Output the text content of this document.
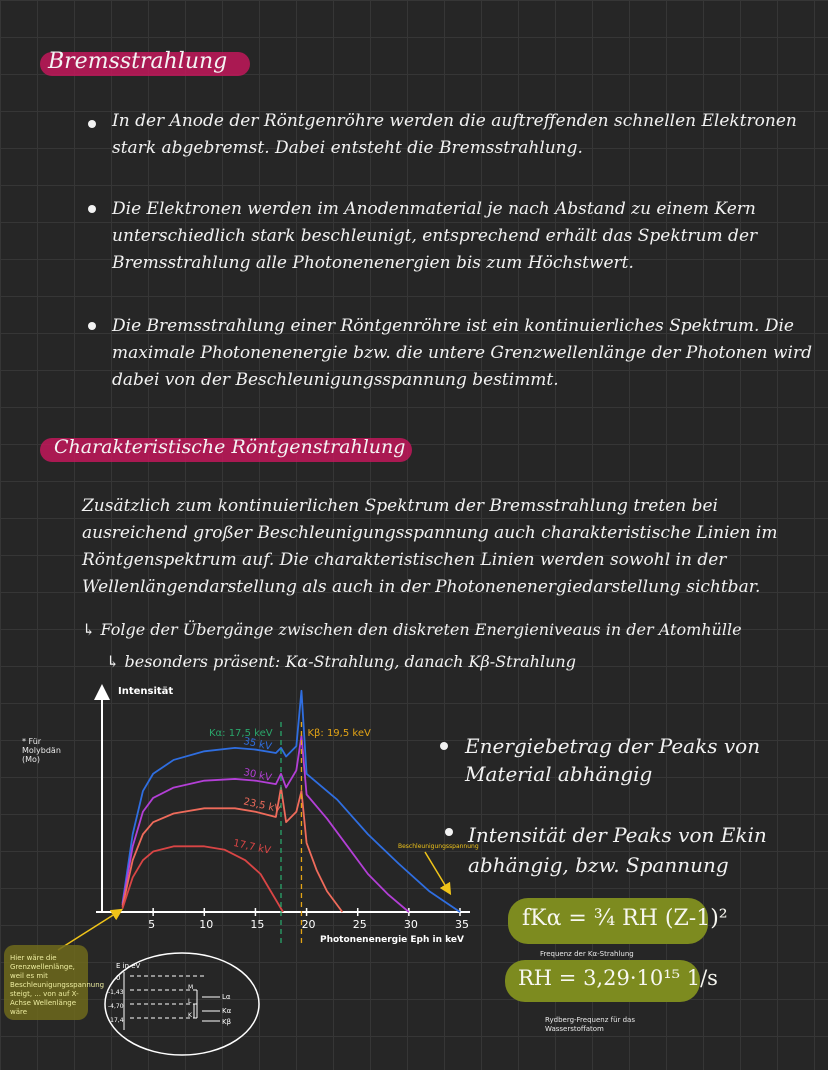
Bremsstrahlung
In der Anode der Röntgenröhre werden die auftreffenden schnellen Elektronen stark abgebremst. Dabei entsteht die Bremsstrahlung.
Die Elektronen werden im Anodenmaterial je nach Abstand zu einem Kern unterschiedlich stark beschleunigt, entsprechend erhält das Spektrum der Bremsstrahlung alle Photonenenergien bis zum Höchstwert.
Die Bremsstrahlung einer Röntgenröhre ist ein kontinuierliches Spektrum. Die maximale Photonenenergie bzw. die untere Grenzwellenlänge der Photonen wird dabei von der Beschleunigungsspannung bestimmt.
Charakteristische Röntgenstrahlung
Zusätzlich zum kontinuierlichen Spektrum der Bremsstrahlung treten bei ausreichend großer Beschleunigungsspannung auch charakteristische Linien im Röntgenspektrum auf. Die charakteristischen Linien werden sowohl in der Wellenlängendarstellung als auch in der Photonenenergiedarstellung sichtbar.
↳ Folge der Übergänge zwischen den diskreten Energieniveaus in der Atomhülle
↳ besonders präsent: Kα-Strahlung, danach Kβ-Strahlung
* Für Molybdän (Mo)
Intensität
Photonenenergie Eph in keV
5	10	15	20	25	30	35
35 kV
30 kV
23,5 kV
17,7 kV
Kα: 17,5 keV	Kβ: 19,5 keV
Beschleunigungsspannung
Hier wäre die Grenzwellenlänge, weil es mit Beschleunigungsspannung steigt, ... von auf X-Achse Wellenlänge wäre
E in eV
0
-1,43
-4,70
-17,4
M
L
K
Lα
Kα
Kβ
Energiebetrag der Peaks von Material abhängig
Intensität der Peaks von Ekin abhängig, bzw. Spannung
fKα = ¾ RH (Z-1)²
Frequenz der Kα-Strahlung
RH = 3,29·10¹⁵ 1/s
Rydberg-Frequenz für das Wasserstoffatom
